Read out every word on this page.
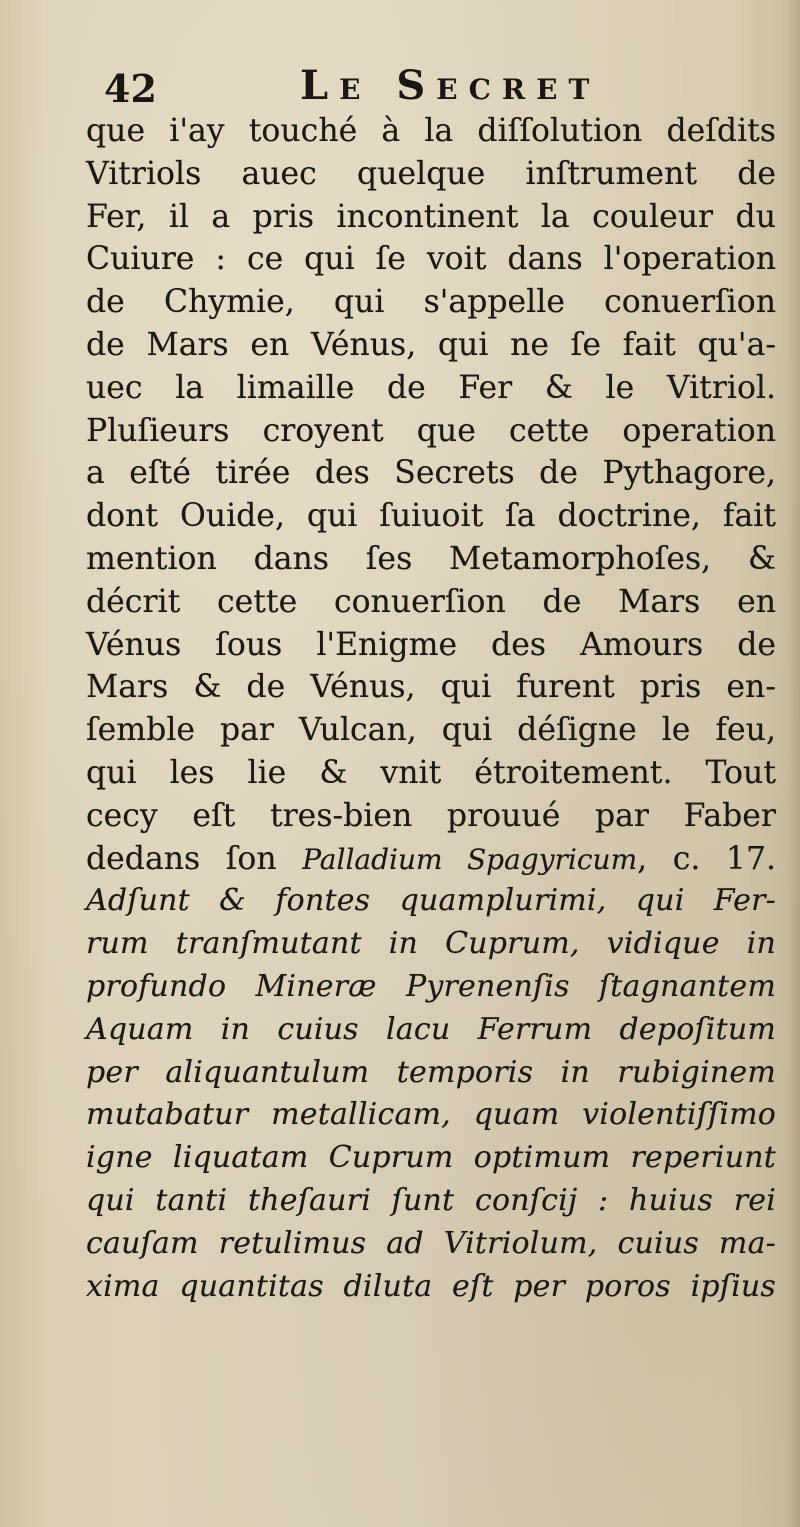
42	Le Secret
que i'ay touché à la diſſolution deſdits
Vitriols auec quelque inſtrument de
Fer, il a pris incontinent la couleur du
Cuiure : ce qui ſe voit dans l'operation
de Chymie, qui s'appelle conuerſion
de Mars en Vénus, qui ne ſe fait qu'a-
uec la limaille de Fer & le Vitriol.
Pluſieurs croyent que cette operation
a eſté tirée des Secrets de Pythagore,
dont Ouide, qui ſuiuoit ſa doctrine, fait
mention dans ſes Metamorphoſes, &
décrit cette conuerſion de Mars en
Vénus ſous l'Enigme des Amours de
Mars & de Vénus, qui furent pris en-
ſemble par Vulcan, qui déſigne le feu,
qui les lie & vnit étroitement. Tout
cecy eſt tres-bien prouué par Faber
dedans ſon Palladium Spagyricum, c. 17.
Adſunt & fontes quamplurimi, qui Fer-
rum tranſmutant in Cuprum, vidique in
profundo Mineræ Pyrenenſis ſtagnantem
Aquam in cuius lacu Ferrum depoſitum
per aliquantulum temporis in rubiginem
mutabatur metallicam, quam violentiſſimo
igne liquatam Cuprum optimum reperiunt
qui tanti theſauri ſunt conſcij : huius rei
cauſam retulimus ad Vitriolum, cuius ma-
xima quantitas diluta eſt per poros ipſius
